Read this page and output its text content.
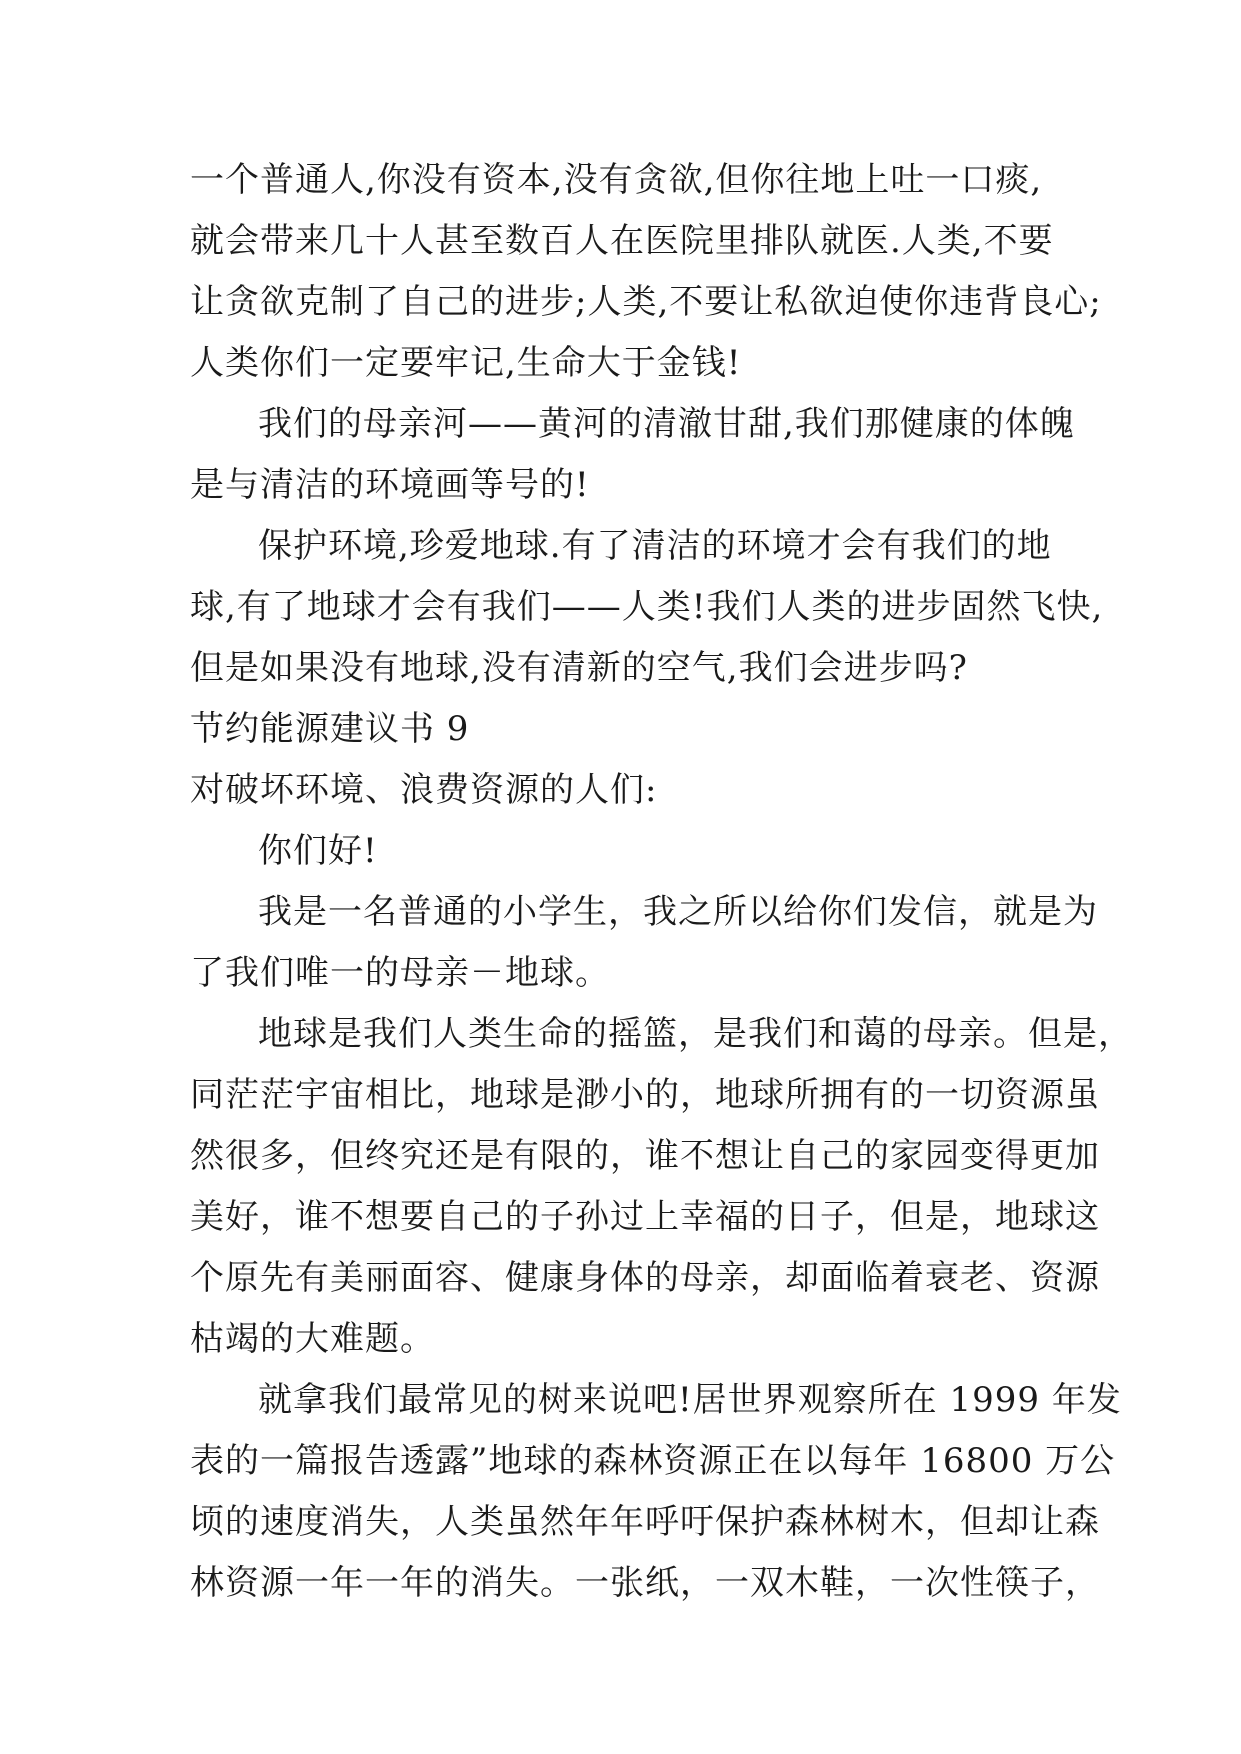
一个普通人,你没有资本,没有贪欲,但你往地上吐一口痰,
就会带来几十人甚至数百人在医院里排队就医.人类,不要
让贪欲克制了自己的进步;人类,不要让私欲迫使你违背良心;
人类你们一定要牢记,生命大于金钱!
我们的母亲河——黄河的清澈甘甜,我们那健康的体魄
是与清洁的环境画等号的!
保护环境,珍爱地球.有了清洁的环境才会有我们的地
球,有了地球才会有我们——人类!我们人类的进步固然飞快,
但是如果没有地球,没有清新的空气,我们会进步吗?
节约能源建议书 9
对破坏环境、浪费资源的人们:
你们好!
我是一名普通的小学生，我之所以给你们发信，就是为
了我们唯一的母亲－地球。
地球是我们人类生命的摇篮，是我们和蔼的母亲。但是，
同茫茫宇宙相比，地球是渺小的，地球所拥有的一切资源虽
然很多，但终究还是有限的，谁不想让自己的家园变得更加
美好，谁不想要自己的子孙过上幸福的日子，但是，地球这
个原先有美丽面容、健康身体的母亲，却面临着衰老、资源
枯竭的大难题。
就拿我们最常见的树来说吧!居世界观察所在 1999 年发
表的一篇报告透露”地球的森林资源正在以每年 16800 万公
顷的速度消失，人类虽然年年呼吁保护森林树木，但却让森
林资源一年一年的消失。一张纸，一双木鞋，一次性筷子，
